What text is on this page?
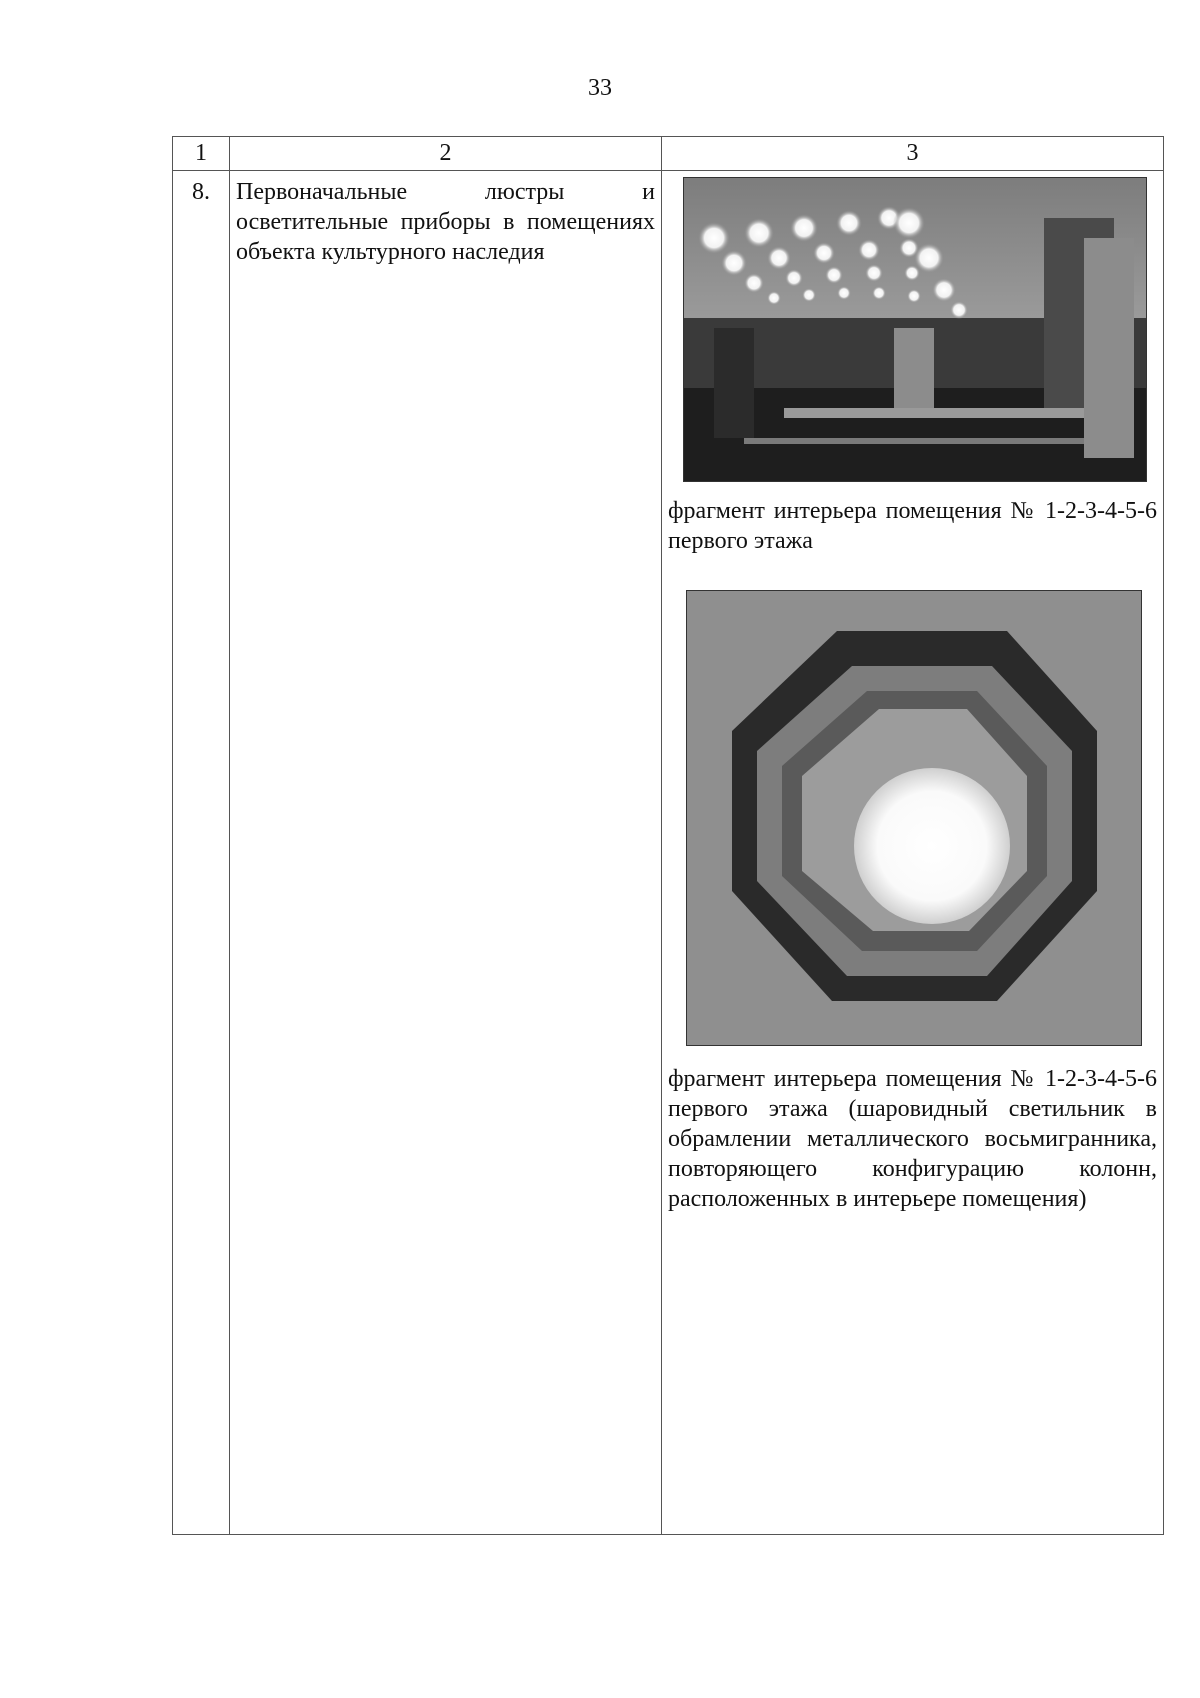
33
1	2	3
8.	Первоначальные люстры и осветительные приборы в помещениях объекта культурного наследия	фрагмент интерьера помещения № 1-2-3-4-5-6 первого этажа

фрагмент интерьера помещения № 1-2-3-4-5-6 первого этажа (шаровидный светильник в обрамлении металлического восьмигранника, повторяющего конфигурацию колонн, расположенных в интерьере помещения)
